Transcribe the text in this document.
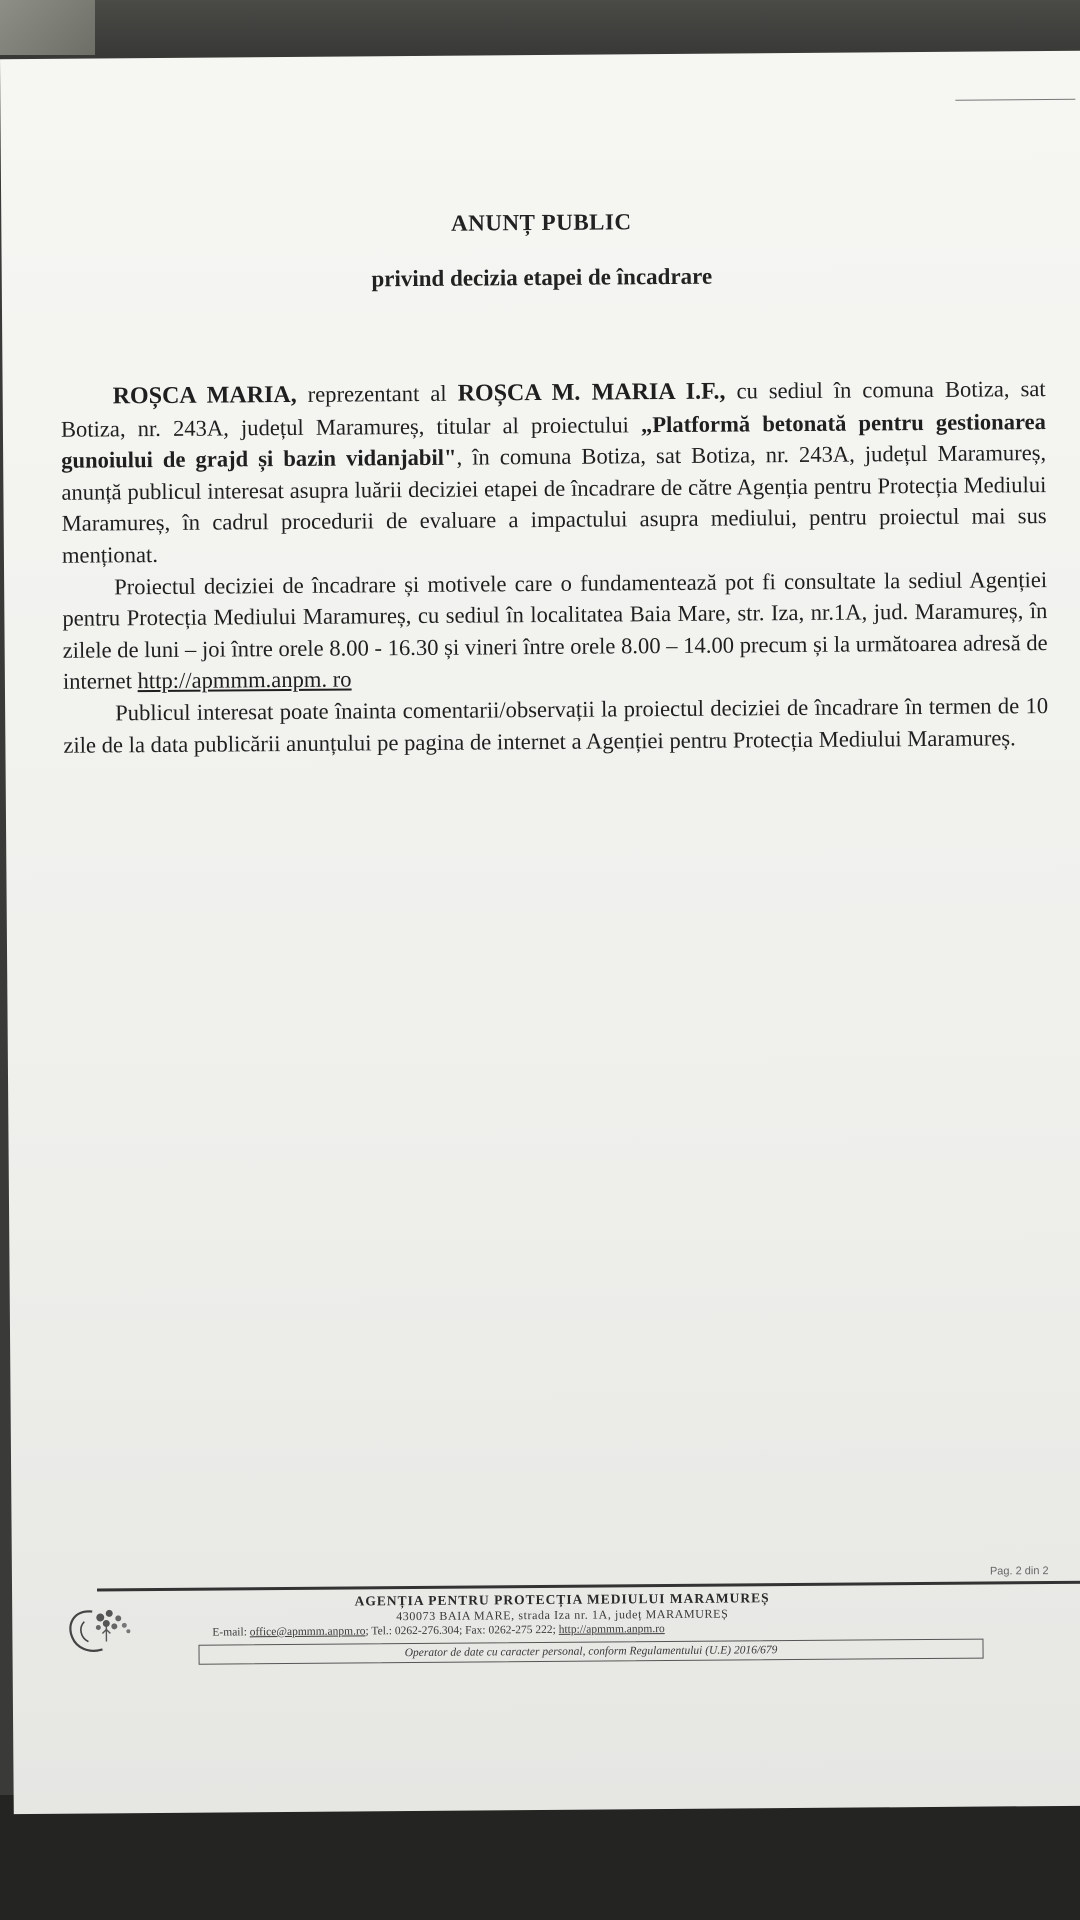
ANUNȚ PUBLIC
privind decizia etapei de încadrare

ROȘCA MARIA, reprezentant al ROȘCA M. MARIA I.F., cu sediul în comuna Botiza, sat Botiza, nr. 243A, județul Maramureș, titular al proiectului „Platformă betonată pentru gestionarea gunoiului de grajd și bazin vidanjabil", în comuna Botiza, sat Botiza, nr. 243A, județul Maramureș, anunță publicul interesat asupra luării deciziei etapei de încadrare de către Agenția pentru Protecția Mediului Maramureș, în cadrul procedurii de evaluare a impactului asupra mediului, pentru proiectul mai sus menționat.

Proiectul deciziei de încadrare și motivele care o fundamentează pot fi consultate la sediul Agenției pentru Protecția Mediului Maramureș, cu sediul în localitatea Baia Mare, str. Iza, nr.1A, jud. Maramureș, în zilele de luni – joi între orele 8.00 - 16.30 și vineri între orele 8.00 – 14.00 precum și la următoarea adresă de internet http://apmmm.anpm. ro

Publicul interesat poate înainta comentarii/observații la proiectul deciziei de încadrare în termen de 10 zile de la data publicării anunțului pe pagina de internet a Agenției pentru Protecția Mediului Maramureș.

Pag. 2 din 2
AGENȚIA PENTRU PROTECȚIA MEDIULUI MARAMUREȘ
430073 BAIA MARE, strada Iza nr. 1A, județ MARAMUREȘ
E-mail: office@apmmm.anpm.ro; Tel.: 0262-276.304; Fax: 0262-275 222; http://apmmm.anpm.ro
Operator de date cu caracter personal, conform Regulamentului (U.E) 2016/679
